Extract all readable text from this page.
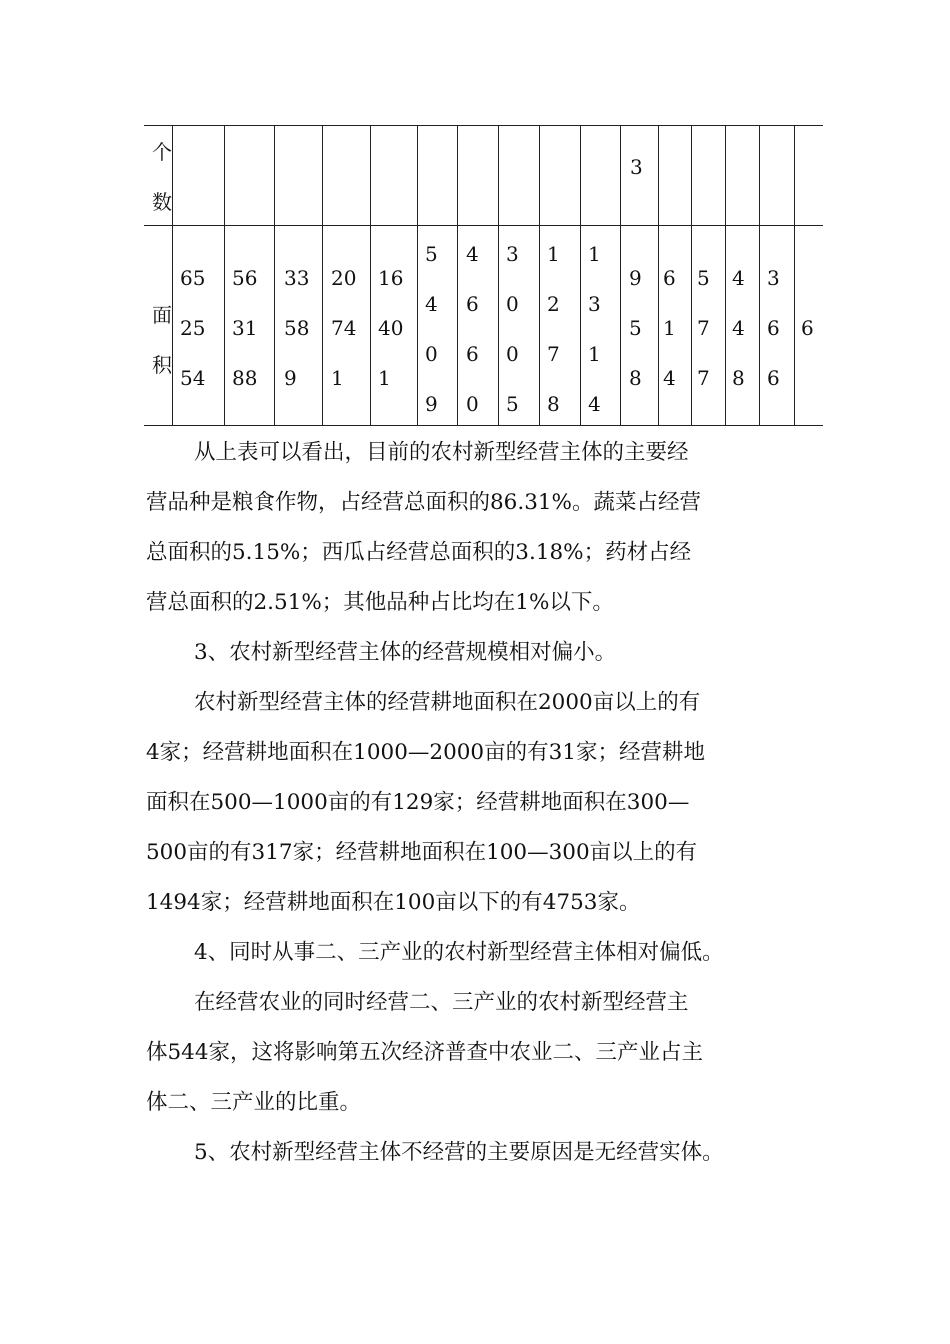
个
数
3
面
积
65
25
54
56
31
88
33
58
9
20
74
1
16
40
1
5
4
0
9
4
6
6
0
3
0
0
5
1
2
7
8
1
3
1
4
9
5
8
6
1
4
5
7
7
4
4
8
3
6
6
6
从上表可以看出，目前的农村新型经营主体的主要经
营品种是粮食作物，占经营总面积的86.31%。蔬菜占经营
总面积的5.15%；西瓜占经营总面积的3.18%；药材占经
营总面积的2.51%；其他品种占比均在1%以下。
3、农村新型经营主体的经营规模相对偏小。
农村新型经营主体的经营耕地面积在2000亩以上的有
4家；经营耕地面积在1000—2000亩的有31家；经营耕地
面积在500—1000亩的有129家；经营耕地面积在300—
500亩的有317家；经营耕地面积在100—300亩以上的有
1494家；经营耕地面积在100亩以下的有4753家。
4、同时从事二、三产业的农村新型经营主体相对偏低。
在经营农业的同时经营二、三产业的农村新型经营主
体544家，这将影响第五次经济普查中农业二、三产业占主
体二、三产业的比重。
5、农村新型经营主体不经营的主要原因是无经营实体。
